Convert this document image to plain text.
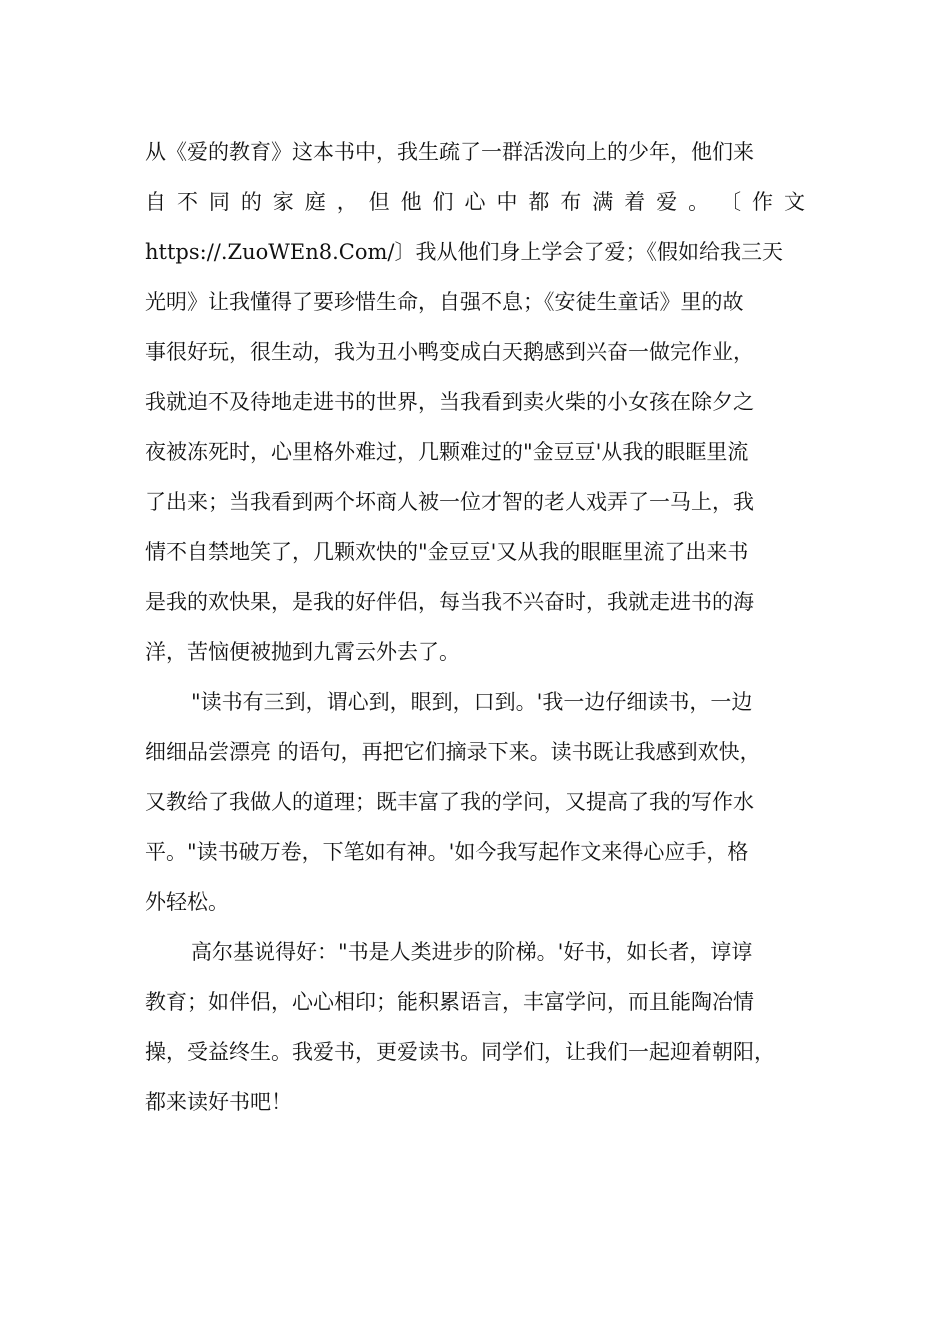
从《爱的教育》这本书中，我生疏了一群活泼向上的少年，他们来
自 不 同 的 家 庭 ， 但 他 们 心 中 都 布 满 着 爱 。 〔 作 文
https://.ZuoWEn8.Com/〕我从他们身上学会了爱；《假如给我三天
光明》让我懂得了要珍惜生命，自强不息；《安徒生童话》里的故
事很好玩，很生动，我为丑小鸭变成白天鹅感到兴奋一做完作业，
我就迫不及待地走进书的世界，当我看到卖火柴的小女孩在除夕之
夜被冻死时，心里格外难过，几颗难过的"金豆豆'从我的眼眶里流
了出来；当我看到两个坏商人被一位才智的老人戏弄了一马上，我
情不自禁地笑了，几颗欢快的"金豆豆'又从我的眼眶里流了出来书
是我的欢快果，是我的好伴侣，每当我不兴奋时，我就走进书的海
洋，苦恼便被抛到九霄云外去了。
"读书有三到，谓心到，眼到，口到。'我一边仔细读书，一边
细细品尝漂亮 的语句，再把它们摘录下来。读书既让我感到欢快，
又教给了我做人的道理；既丰富了我的学问，又提高了我的写作水
平。"读书破万卷，下笔如有神。'如今我写起作文来得心应手，格
外轻松。
高尔基说得好："书是人类进步的阶梯。'好书，如长者，谆谆
教育；如伴侣，心心相印；能积累语言，丰富学问，而且能陶冶情
操，受益终生。我爱书，更爱读书。同学们，让我们一起迎着朝阳，
都来读好书吧！
